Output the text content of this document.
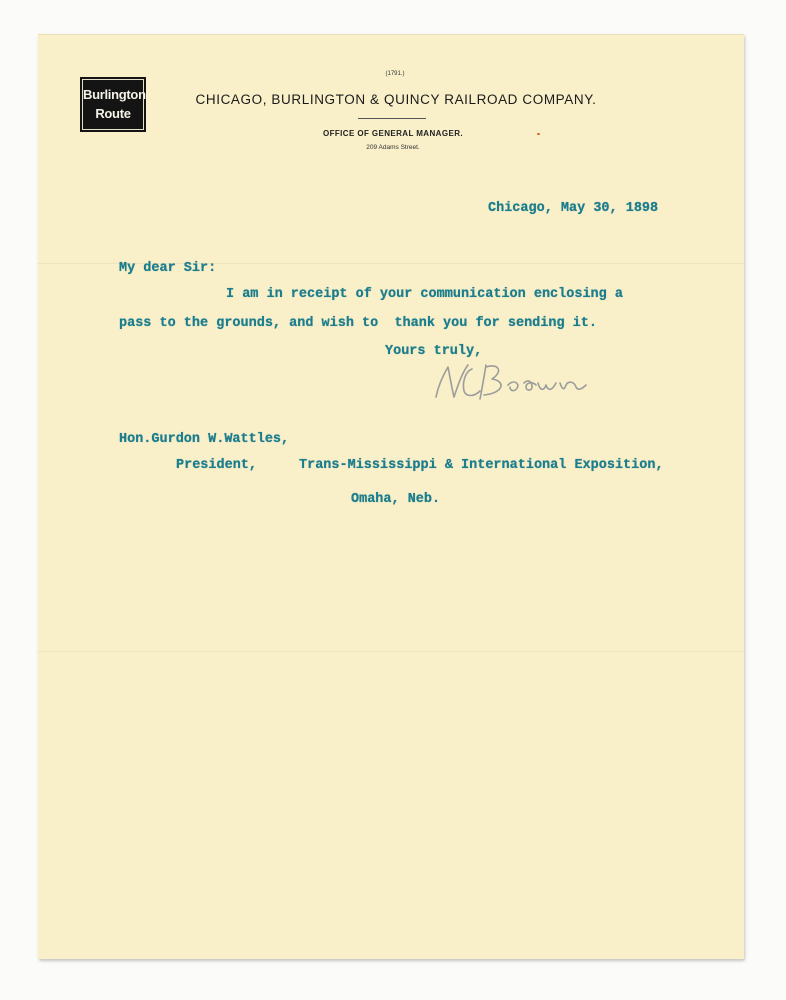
Burlington
Route
(1791.)
CHICAGO, BURLINGTON & QUINCY RAILROAD COMPANY.
OFFICE OF GENERAL MANAGER.
209 Adams Street.
Chicago, May 30, 1898
My dear Sir:
I am in receipt of your communication enclosing a
pass to the grounds, and wish to  thank you for sending it.
Yours truly,
Hon.Gurdon W.Wattles,
President,	Trans-Mississippi & International Exposition,
Omaha, Neb.
